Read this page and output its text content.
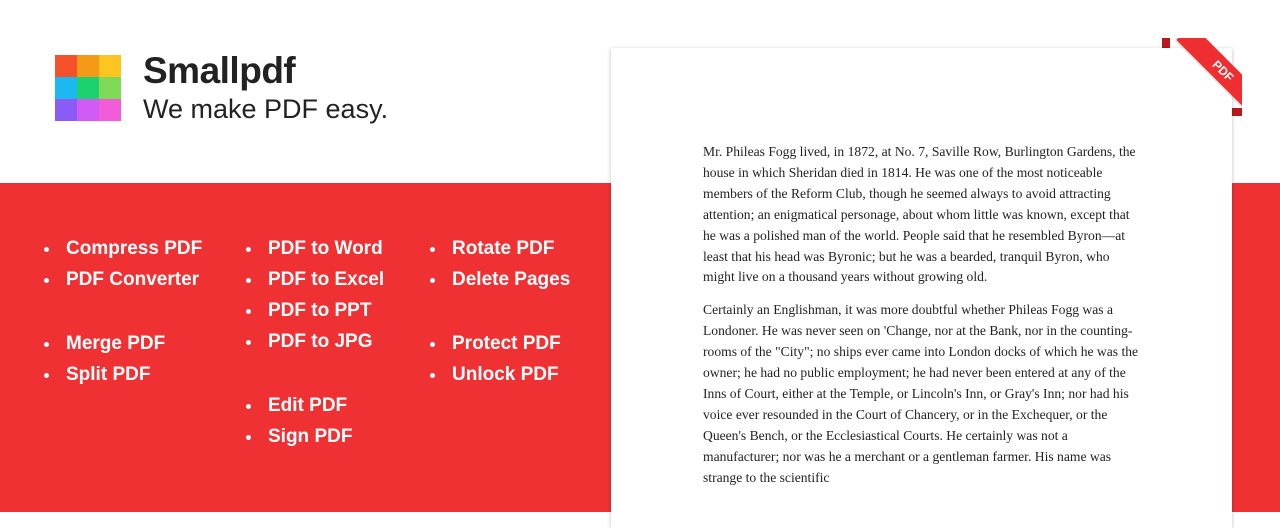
Smallpdf
We make PDF easy.
Compress PDF
PDF Converter
Merge PDF
Split PDF
PDF to Word
PDF to Excel
PDF to PPT
PDF to JPG
Edit PDF
Sign PDF
Rotate PDF
Delete Pages
Protect PDF
Unlock PDF
PDF

Mr. Phileas Fogg lived, in 1872, at No. 7, Saville Row, Burlington Gardens, the house in which Sheridan died in 1814. He was one of the most noticeable members of the Reform Club, though he seemed always to avoid attracting attention; an enigmatical personage, about whom little was known, except that he was a polished man of the world. People said that he resembled Byron—at least that his head was Byronic; but he was a bearded, tranquil Byron, who might live on a thousand years without growing old.

Certainly an Englishman, it was more doubtful whether Phileas Fogg was a Londoner. He was never seen on 'Change, nor at the Bank, nor in the counting-rooms of the "City"; no ships ever came into London docks of which he was the owner; he had no public employment; he had never been entered at any of the Inns of Court, either at the Temple, or Lincoln's Inn, or Gray's Inn; nor had his voice ever resounded in the Court of Chancery, or in the Exchequer, or the Queen's Bench, or the Ecclesiastical Courts. He certainly was not a manufacturer; nor was he a merchant or a gentleman farmer. His name was strange to the scientific
